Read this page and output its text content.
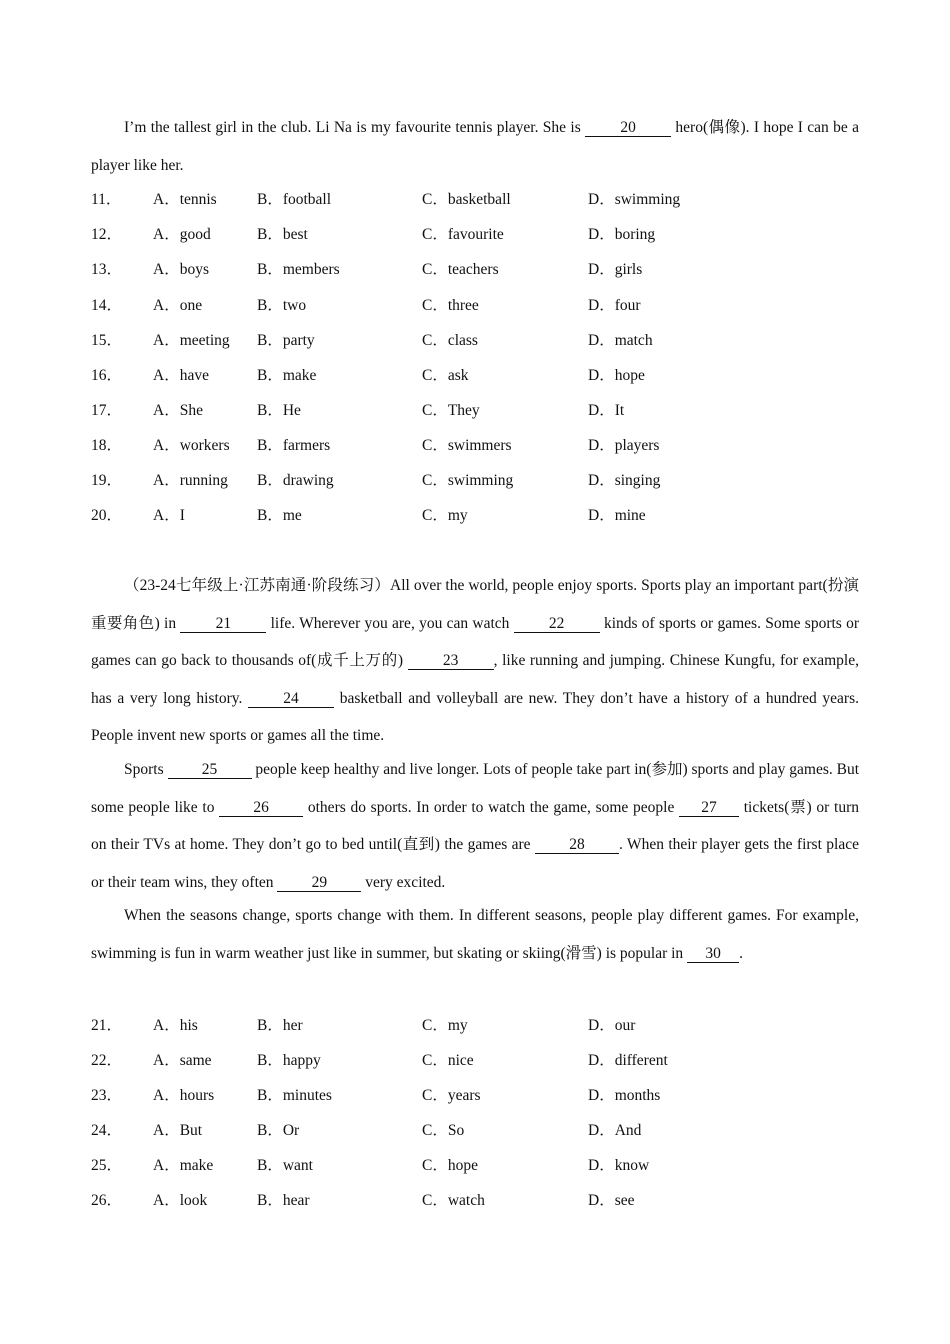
I’m the tallest girl in the club. Li Na is my favourite tennis player. She is 20 hero(偶像). I hope I can be a player like her.

11．	A．tennis	B．football	C．basketball	D．swimming
12．	A．good	B．best	C．favourite	D．boring
13．	A．boys	B．members	C．teachers	D．girls
14．	A．one	B．two	C．three	D．four
15．	A．meeting B．party	C．class	D．match
16．	A．have	B．make	C．ask	D．hope
17．	A．She	B．He	C．They	D．It
18．	A．workers B．farmers	C．swimmers	D．players
19．	A．running B．drawing	C．swimming	D．singing
20．	A．I	B．me	C．my	D．mine

（23-24七年级上·江苏南通·阶段练习）All over the world, people enjoy sports. Sports play an important part(扮演重要角色) in 21 life. Wherever you are, you can watch 22 kinds of sports or games. Some sports or games can go back to thousands of(成千上万的) 23 , like running and jumping. Chinese Kungfu, for example, has a very long history. 24 basketball and volleyball are new. They don’t have a history of a hundred years. People invent new sports or games all the time.

Sports 25 people keep healthy and live longer. Lots of people take part in(参加) sports and play games. But some people like to 26 others do sports. In order to watch the game, some people 27 tickets(票) or turn on their TVs at home. They don’t go to bed until(直到) the games are 28 . When their player gets the first place or their team wins, they often 29 very excited.

When the seasons change, sports change with them. In different seasons, people play different games. For example, swimming is fun in warm weather just like in summer, but skating or skiing(滑雪) is popular in 30 .

21．	A．his	B．her	C．my	D．our
22．	A．same	B．happy	C．nice	D．different
23．	A．hours	B．minutes	C．years	D．months
24．	A．But	B．Or	C．So	D．And
25．	A．make	B．want	C．hope	D．know
26．	A．look	B．hear	C．watch	D．see
